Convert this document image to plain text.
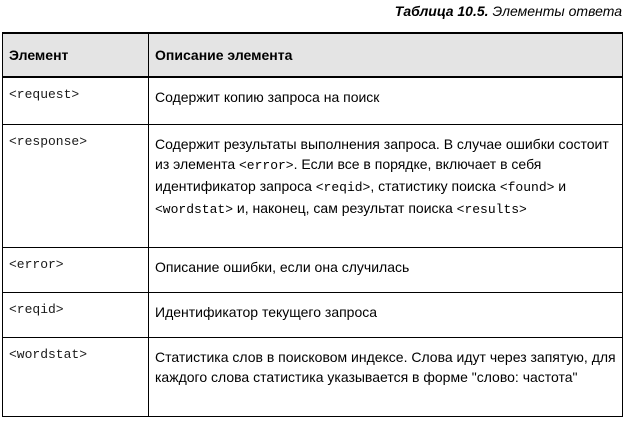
Таблица 10.5. Элементы ответа
Элемент	Описание элемента
<request>	Содержит копию запроса на поиск
<response>	Содержит результаты выполнения запроса. В случае ошибки состоит из элемента <error>. Если все в порядке, включает в себя идентификатор запроса <reqid>, статистику поиска <found> и <wordstat> и, наконец, сам результат поиска <results>
<error>	Описание ошибки, если она случилась
<reqid>	Идентификатор текущего запроса
<wordstat>	Статистика слов в поисковом индексе. Слова идут через запятую, для каждого слова статистика указывается в форме "слово: частота"
